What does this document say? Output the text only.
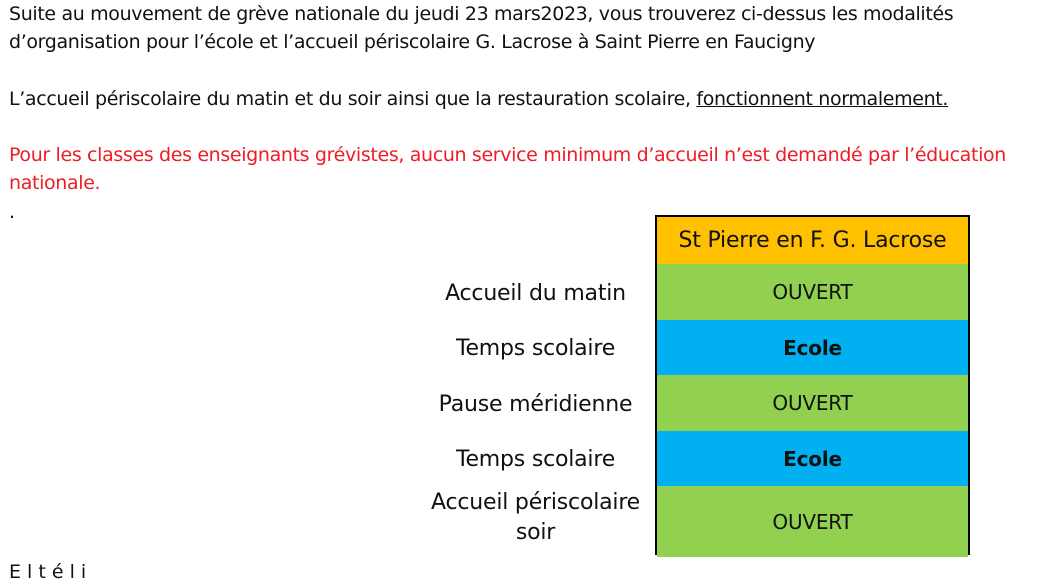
Suite au mouvement de grève nationale du jeudi 23 mars2023, vous trouverez ci-dessus les modalités

d’organisation pour l’école et l’accueil périscolaire G. Lacrose à Saint Pierre en Faucigny

L’accueil périscolaire du matin et du soir ainsi que la restauration scolaire, fonctionnent normalement.

Pour les classes des enseignants grévistes, aucun service minimum d’accueil n’est demandé par l’éducation

nationale.

.

Accueil du matin
Temps scolaire
Pause méridienne
Temps scolaire
Accueil périscolaire
soir
St Pierre en F. G. Lacrose
OUVERT
Ecole
OUVERT
Ecole
OUVERT
E l t é l i
